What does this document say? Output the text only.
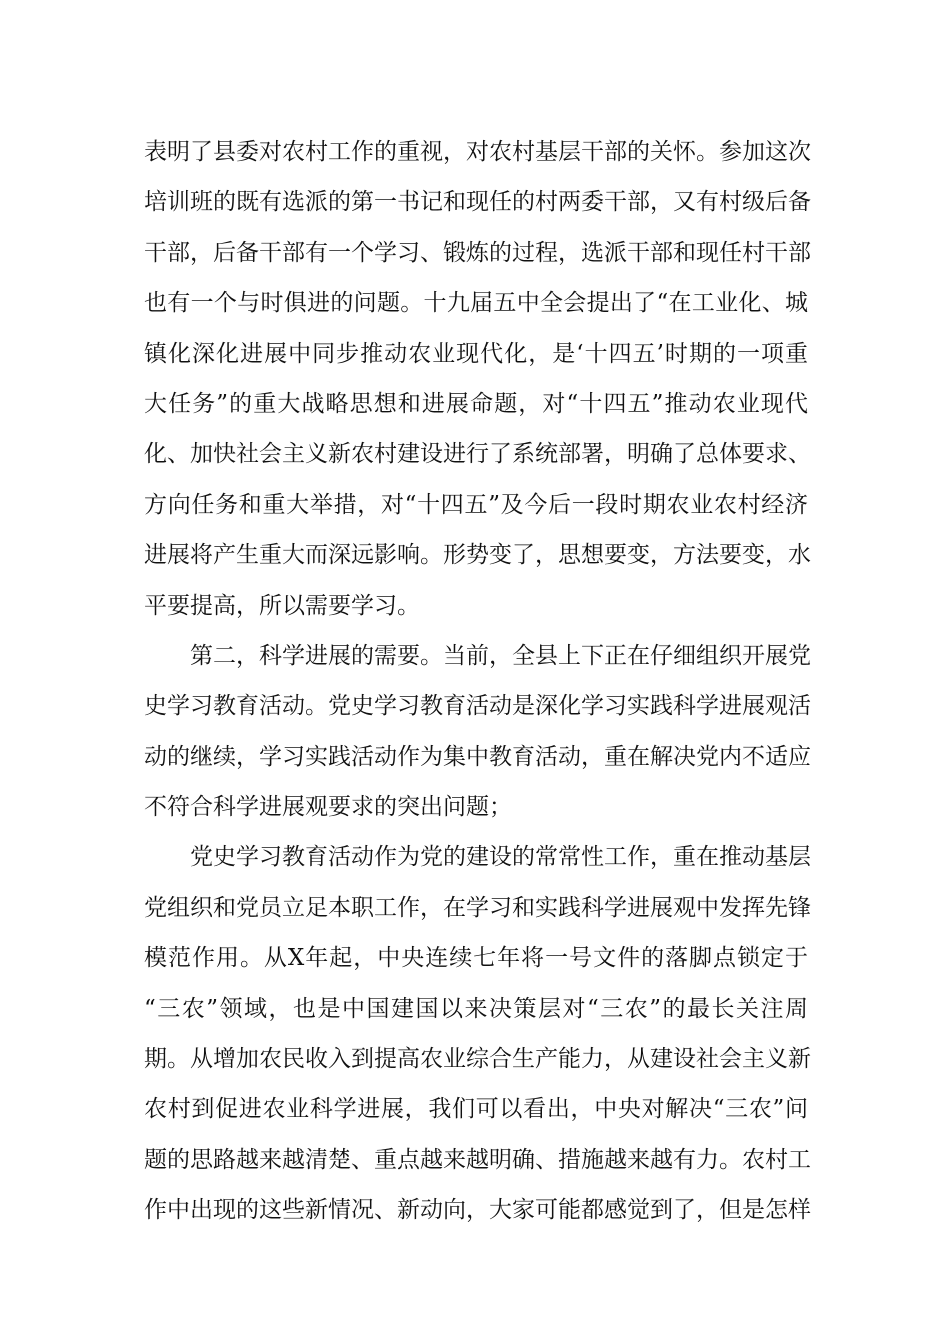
表明了县委对农村工作的重视，对农村基层干部的关怀。参加这次
培训班的既有选派的第一书记和现任的村两委干部，又有村级后备
干部，后备干部有一个学习、锻炼的过程，选派干部和现任村干部
也有一个与时俱进的问题。十九届五中全会提出了“在工业化、城
镇化深化进展中同步推动农业现代化，是‘十四五’时期的一项重
大任务”的重大战略思想和进展命题，对“十四五”推动农业现代
化、加快社会主义新农村建设进行了系统部署，明确了总体要求、
方向任务和重大举措，对“十四五”及今后一段时期农业农村经济
进展将产生重大而深远影响。形势变了，思想要变，方法要变，水
平要提高，所以需要学习。
第二，科学进展的需要。当前，全县上下正在仔细组织开展党
史学习教育活动。党史学习教育活动是深化学习实践科学进展观活
动的继续，学习实践活动作为集中教育活动，重在解决党内不适应
不符合科学进展观要求的突出问题；
党史学习教育活动作为党的建设的常常性工作，重在推动基层
党组织和党员立足本职工作，在学习和实践科学进展观中发挥先锋
模范作用。从X年起，中央连续七年将一号文件的落脚点锁定于
“三农”领域，也是中国建国以来决策层对“三农”的最长关注周
期。从增加农民收入到提高农业综合生产能力，从建设社会主义新
农村到促进农业科学进展，我们可以看出，中央对解决“三农”问
题的思路越来越清楚、重点越来越明确、措施越来越有力。农村工
作中出现的这些新情况、新动向，大家可能都感觉到了，但是怎样
